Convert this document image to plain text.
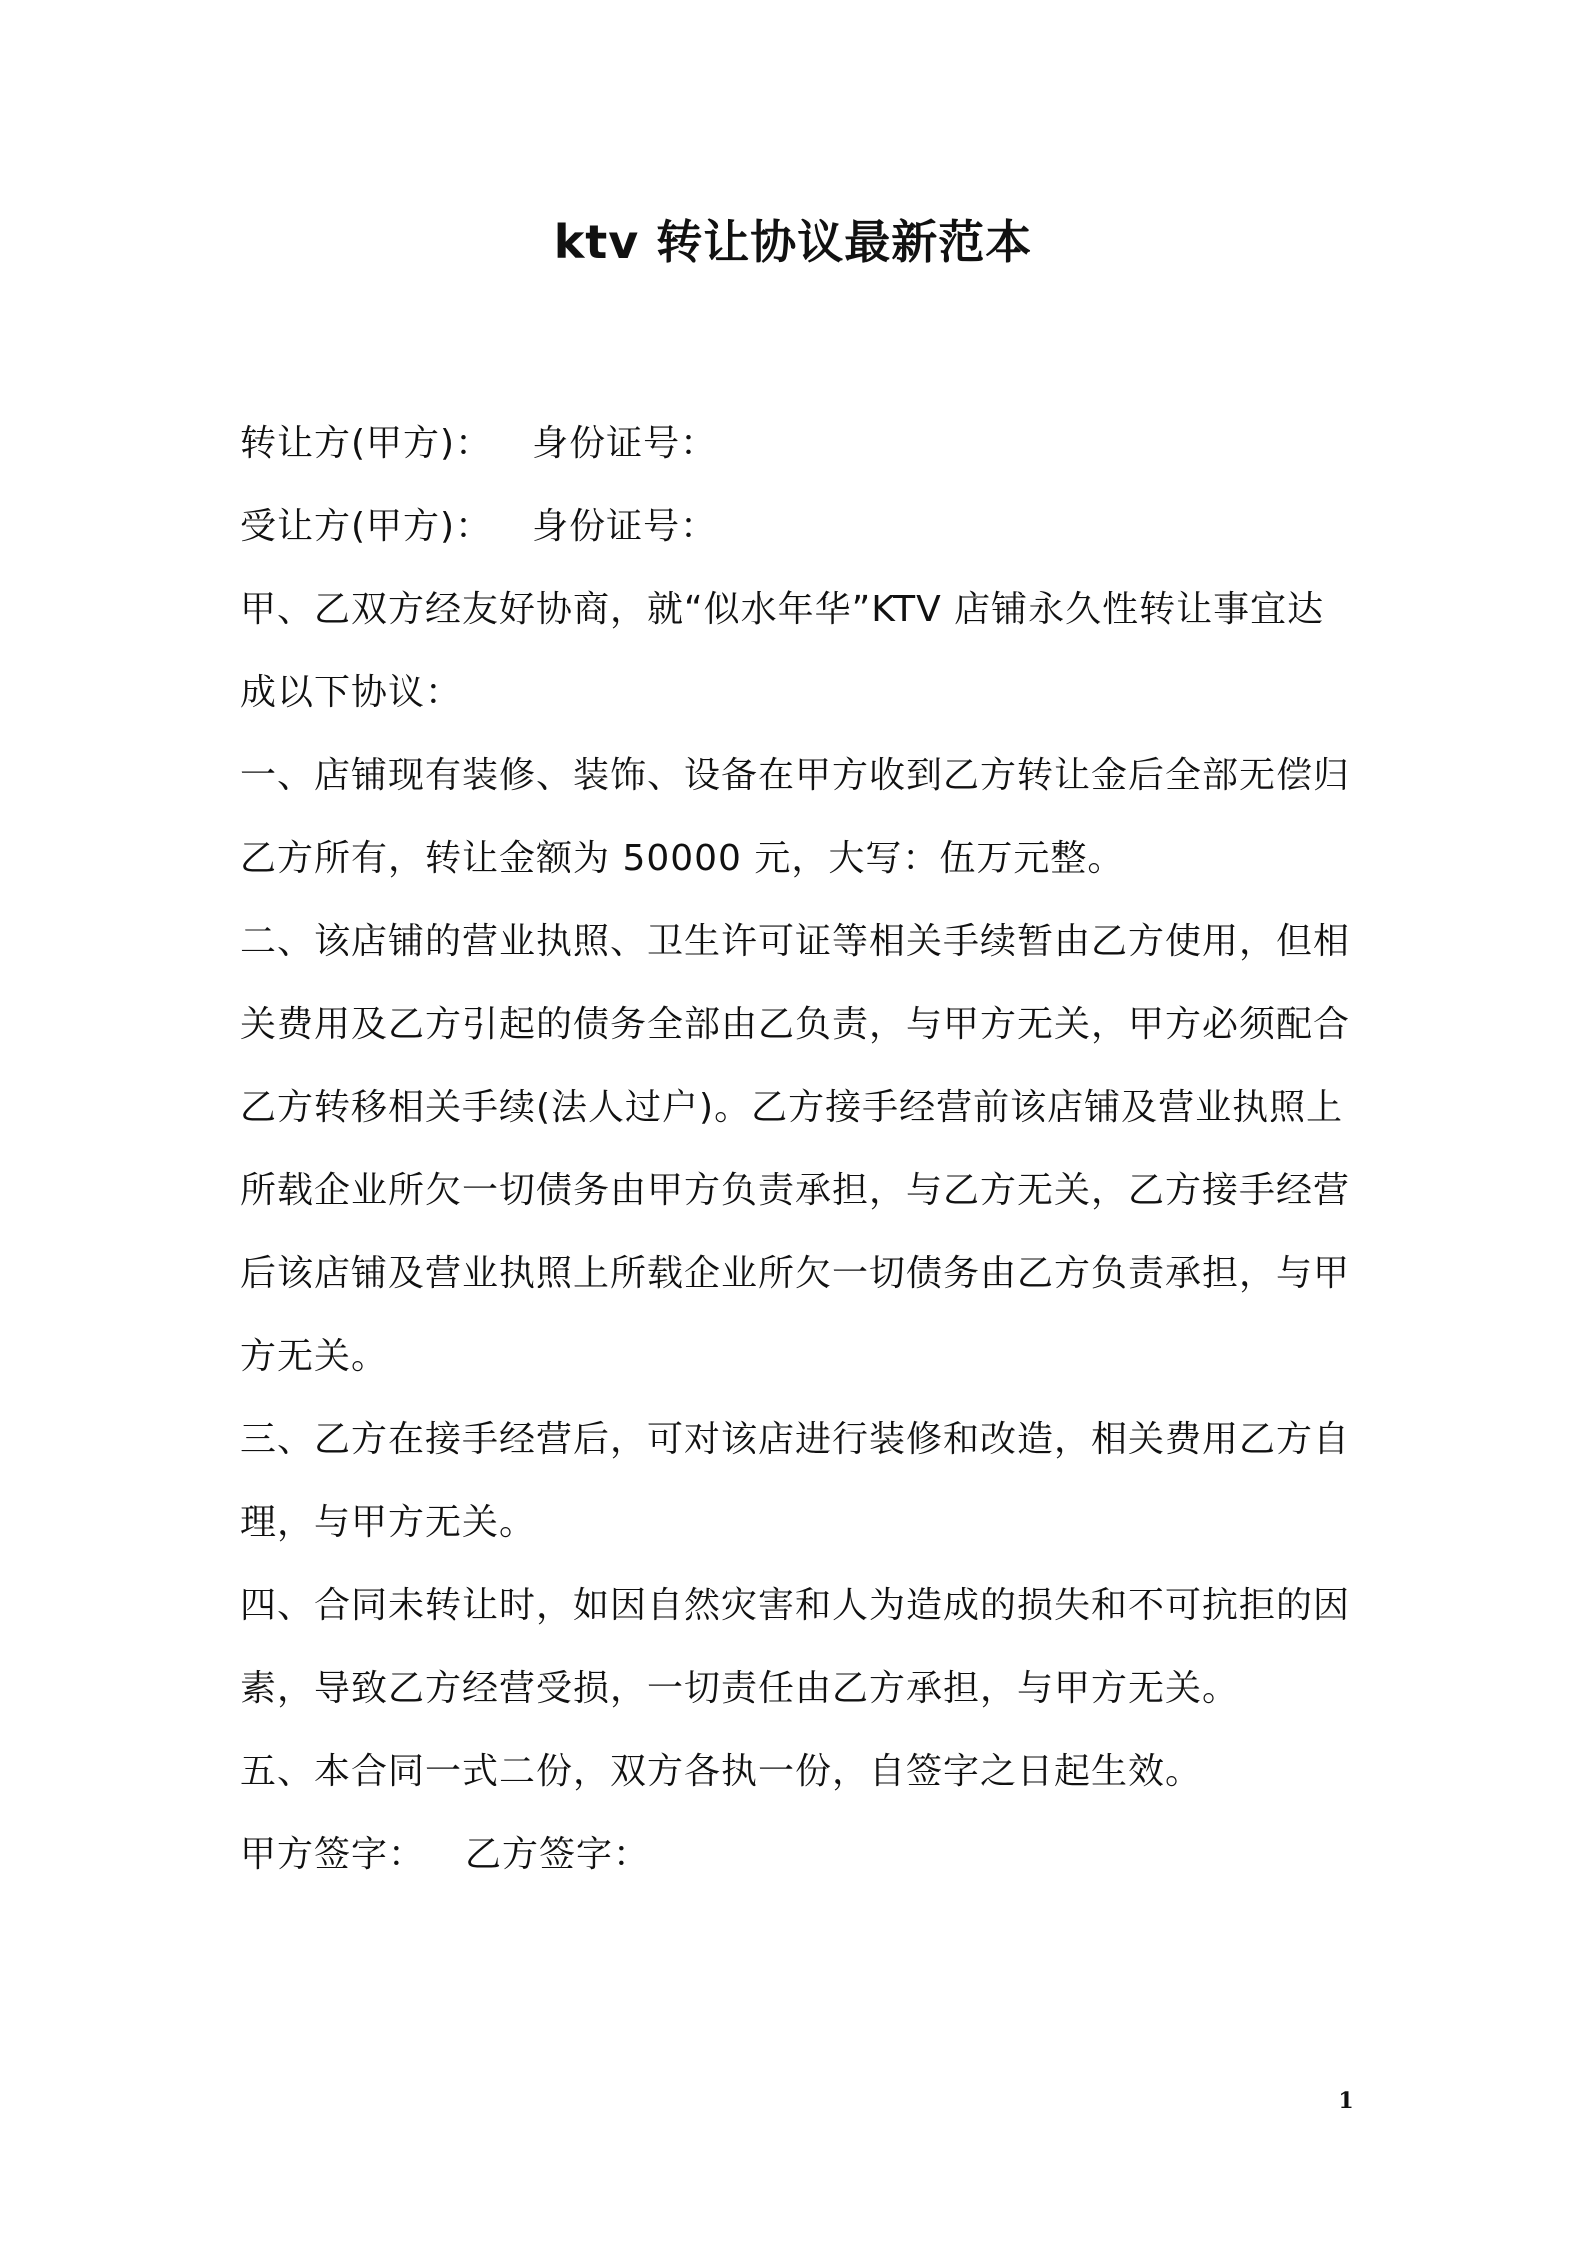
ktv 转让协议最新范本
转让方(甲方)： 身份证号：
受让方(甲方)： 身份证号：
甲、乙双方经友好协商，就“似水年华”KTV 店铺永久性转让事宜达
成以下协议：
一、店铺现有装修、装饰、设备在甲方收到乙方转让金后全部无偿归
乙方所有，转让金额为 50000 元，大写：伍万元整。
二、该店铺的营业执照、卫生许可证等相关手续暂由乙方使用，但相
关费用及乙方引起的债务全部由乙负责，与甲方无关，甲方必须配合
乙方转移相关手续(法人过户)。乙方接手经营前该店铺及营业执照上
所载企业所欠一切债务由甲方负责承担，与乙方无关，乙方接手经营
后该店铺及营业执照上所载企业所欠一切债务由乙方负责承担，与甲
方无关。
三、乙方在接手经营后，可对该店进行装修和改造，相关费用乙方自
理，与甲方无关。
四、合同未转让时，如因自然灾害和人为造成的损失和不可抗拒的因
素，导致乙方经营受损，一切责任由乙方承担，与甲方无关。
五、本合同一式二份，双方各执一份，自签字之日起生效。
甲方签字： 乙方签字：
1
